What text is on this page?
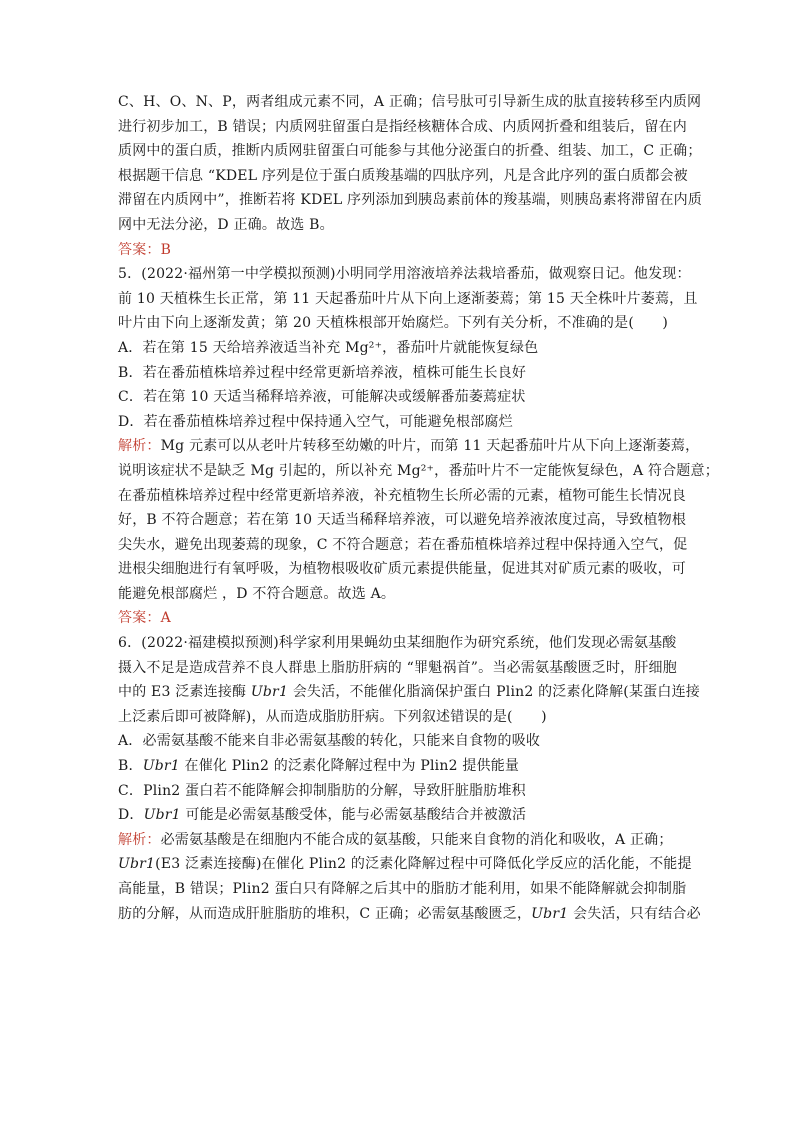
C、H、O、N、P，两者组成元素不同，A 正确；信号肽可引导新生成的肽直接转移至内质网
进行初步加工，B 错误；内质网驻留蛋白是指经核糖体合成、内质网折叠和组装后，留在内
质网中的蛋白质，推断内质网驻留蛋白可能参与其他分泌蛋白的折叠、组装、加工，C 正确；
根据题干信息 “KDEL 序列是位于蛋白质羧基端的四肽序列，凡是含此序列的蛋白质都会被
滞留在内质网中”，推断若将 KDEL 序列添加到胰岛素前体的羧基端，则胰岛素将滞留在内质
网中无法分泌，D 正确。故选 B。
答案：B
5．(2022·福州第一中学模拟预测)小明同学用溶液培养法栽培番茄，做观察日记。他发现：
前 10 天植株生长正常，第 11 天起番茄叶片从下向上逐渐萎蔫；第 15 天全株叶片萎蔫，且
叶片由下向上逐渐发黄；第 20 天植株根部开始腐烂。下列有关分析，不准确的是(　　)
A．若在第 15 天给培养液适当补充 Mg²⁺，番茄叶片就能恢复绿色
B．若在番茄植株培养过程中经常更新培养液，植株可能生长良好
C．若在第 10 天适当稀释培养液，可能解决或缓解番茄萎蔫症状
D．若在番茄植株培养过程中保持通入空气，可能避免根部腐烂
解析：Mg 元素可以从老叶片转移至幼嫩的叶片，而第 11 天起番茄叶片从下向上逐渐萎蔫，
说明该症状不是缺乏 Mg 引起的，所以补充 Mg²⁺，番茄叶片不一定能恢复绿色，A 符合题意；
在番茄植株培养过程中经常更新培养液，补充植物生长所必需的元素，植物可能生长情况良
好，B 不符合题意；若在第 10 天适当稀释培养液，可以避免培养液浓度过高，导致植物根
尖失水，避免出现萎蔫的现象，C 不符合题意；若在番茄植株培养过程中保持通入空气，促
进根尖细胞进行有氧呼吸，为植物根吸收矿质元素提供能量，促进其对矿质元素的吸收，可
能避免根部腐烂 ，D 不符合题意。故选 A。
答案：A
6．(2022·福建模拟预测)科学家利用果蝇幼虫某细胞作为研究系统，他们发现必需氨基酸
摄入不足是造成营养不良人群患上脂肪肝病的 “罪魁祸首”。当必需氨基酸匮乏时，肝细胞
中的 E3 泛素连接酶 Ubr1 会失活，不能催化脂滴保护蛋白 Plin2 的泛素化降解(某蛋白连接
上泛素后即可被降解)，从而造成脂肪肝病。下列叙述错误的是(　　)
A．必需氨基酸不能来自非必需氨基酸的转化，只能来自食物的吸收
B．Ubr1 在催化 Plin2 的泛素化降解过程中为 Plin2 提供能量
C．Plin2 蛋白若不能降解会抑制脂肪的分解，导致肝脏脂肪堆积
D．Ubr1 可能是必需氨基酸受体，能与必需氨基酸结合并被激活
解析：必需氨基酸是在细胞内不能合成的氨基酸，只能来自食物的消化和吸收，A 正确；
Ubr1(E3 泛素连接酶)在催化 Plin2 的泛素化降解过程中可降低化学反应的活化能，不能提
高能量，B 错误；Plin2 蛋白只有降解之后其中的脂肪才能利用，如果不能降解就会抑制脂
肪的分解，从而造成肝脏脂肪的堆积，C 正确；必需氨基酸匮乏，Ubr1 会失活，只有结合必
